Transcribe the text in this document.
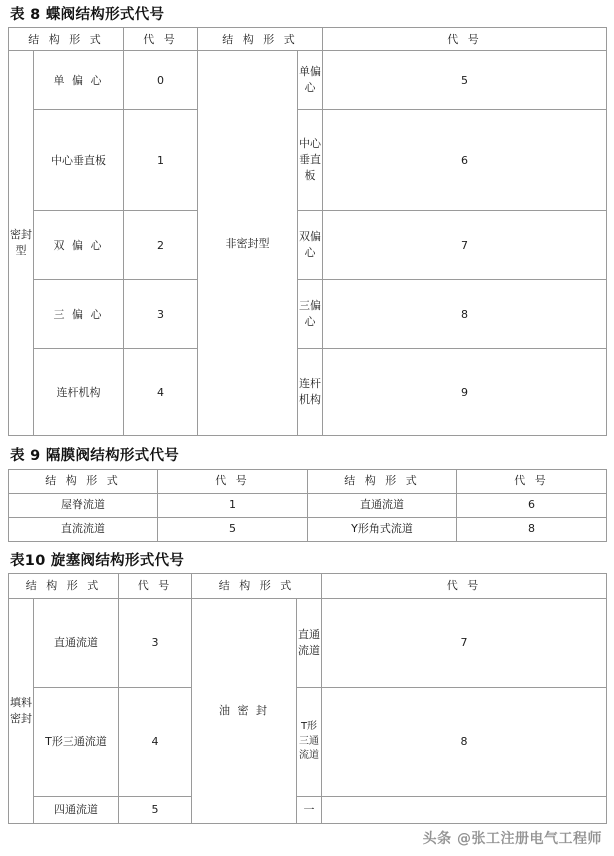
表 8 蝶阀结构形式代号
结 构 形 式		代 号	结 构 形 式		代 号

密封型	单 偏 心	0	非密封型	单偏心	5
	中心垂直板	1		中心垂直板	6
	双 偏 心	2		双偏心	7
	三 偏 心	3		三偏心	8
	连杆机构	4		连杆机构	9
表 9 隔膜阀结构形式代号
结 构 形 式	代 号	结 构 形 式	代 号
屋脊流道	1	直通流道	6
直流流道	5	Y形角式流道	8
表10 旋塞阀结构形式代号
结 构 形 式		代 号	结 构 形 式		代 号

填料密封	直通流道	3	油 密 封	直通流道	7
	T形三通流道	4		T形三通流道	8
	四通流道	5		一	

头条 @张工注册电气工程师
